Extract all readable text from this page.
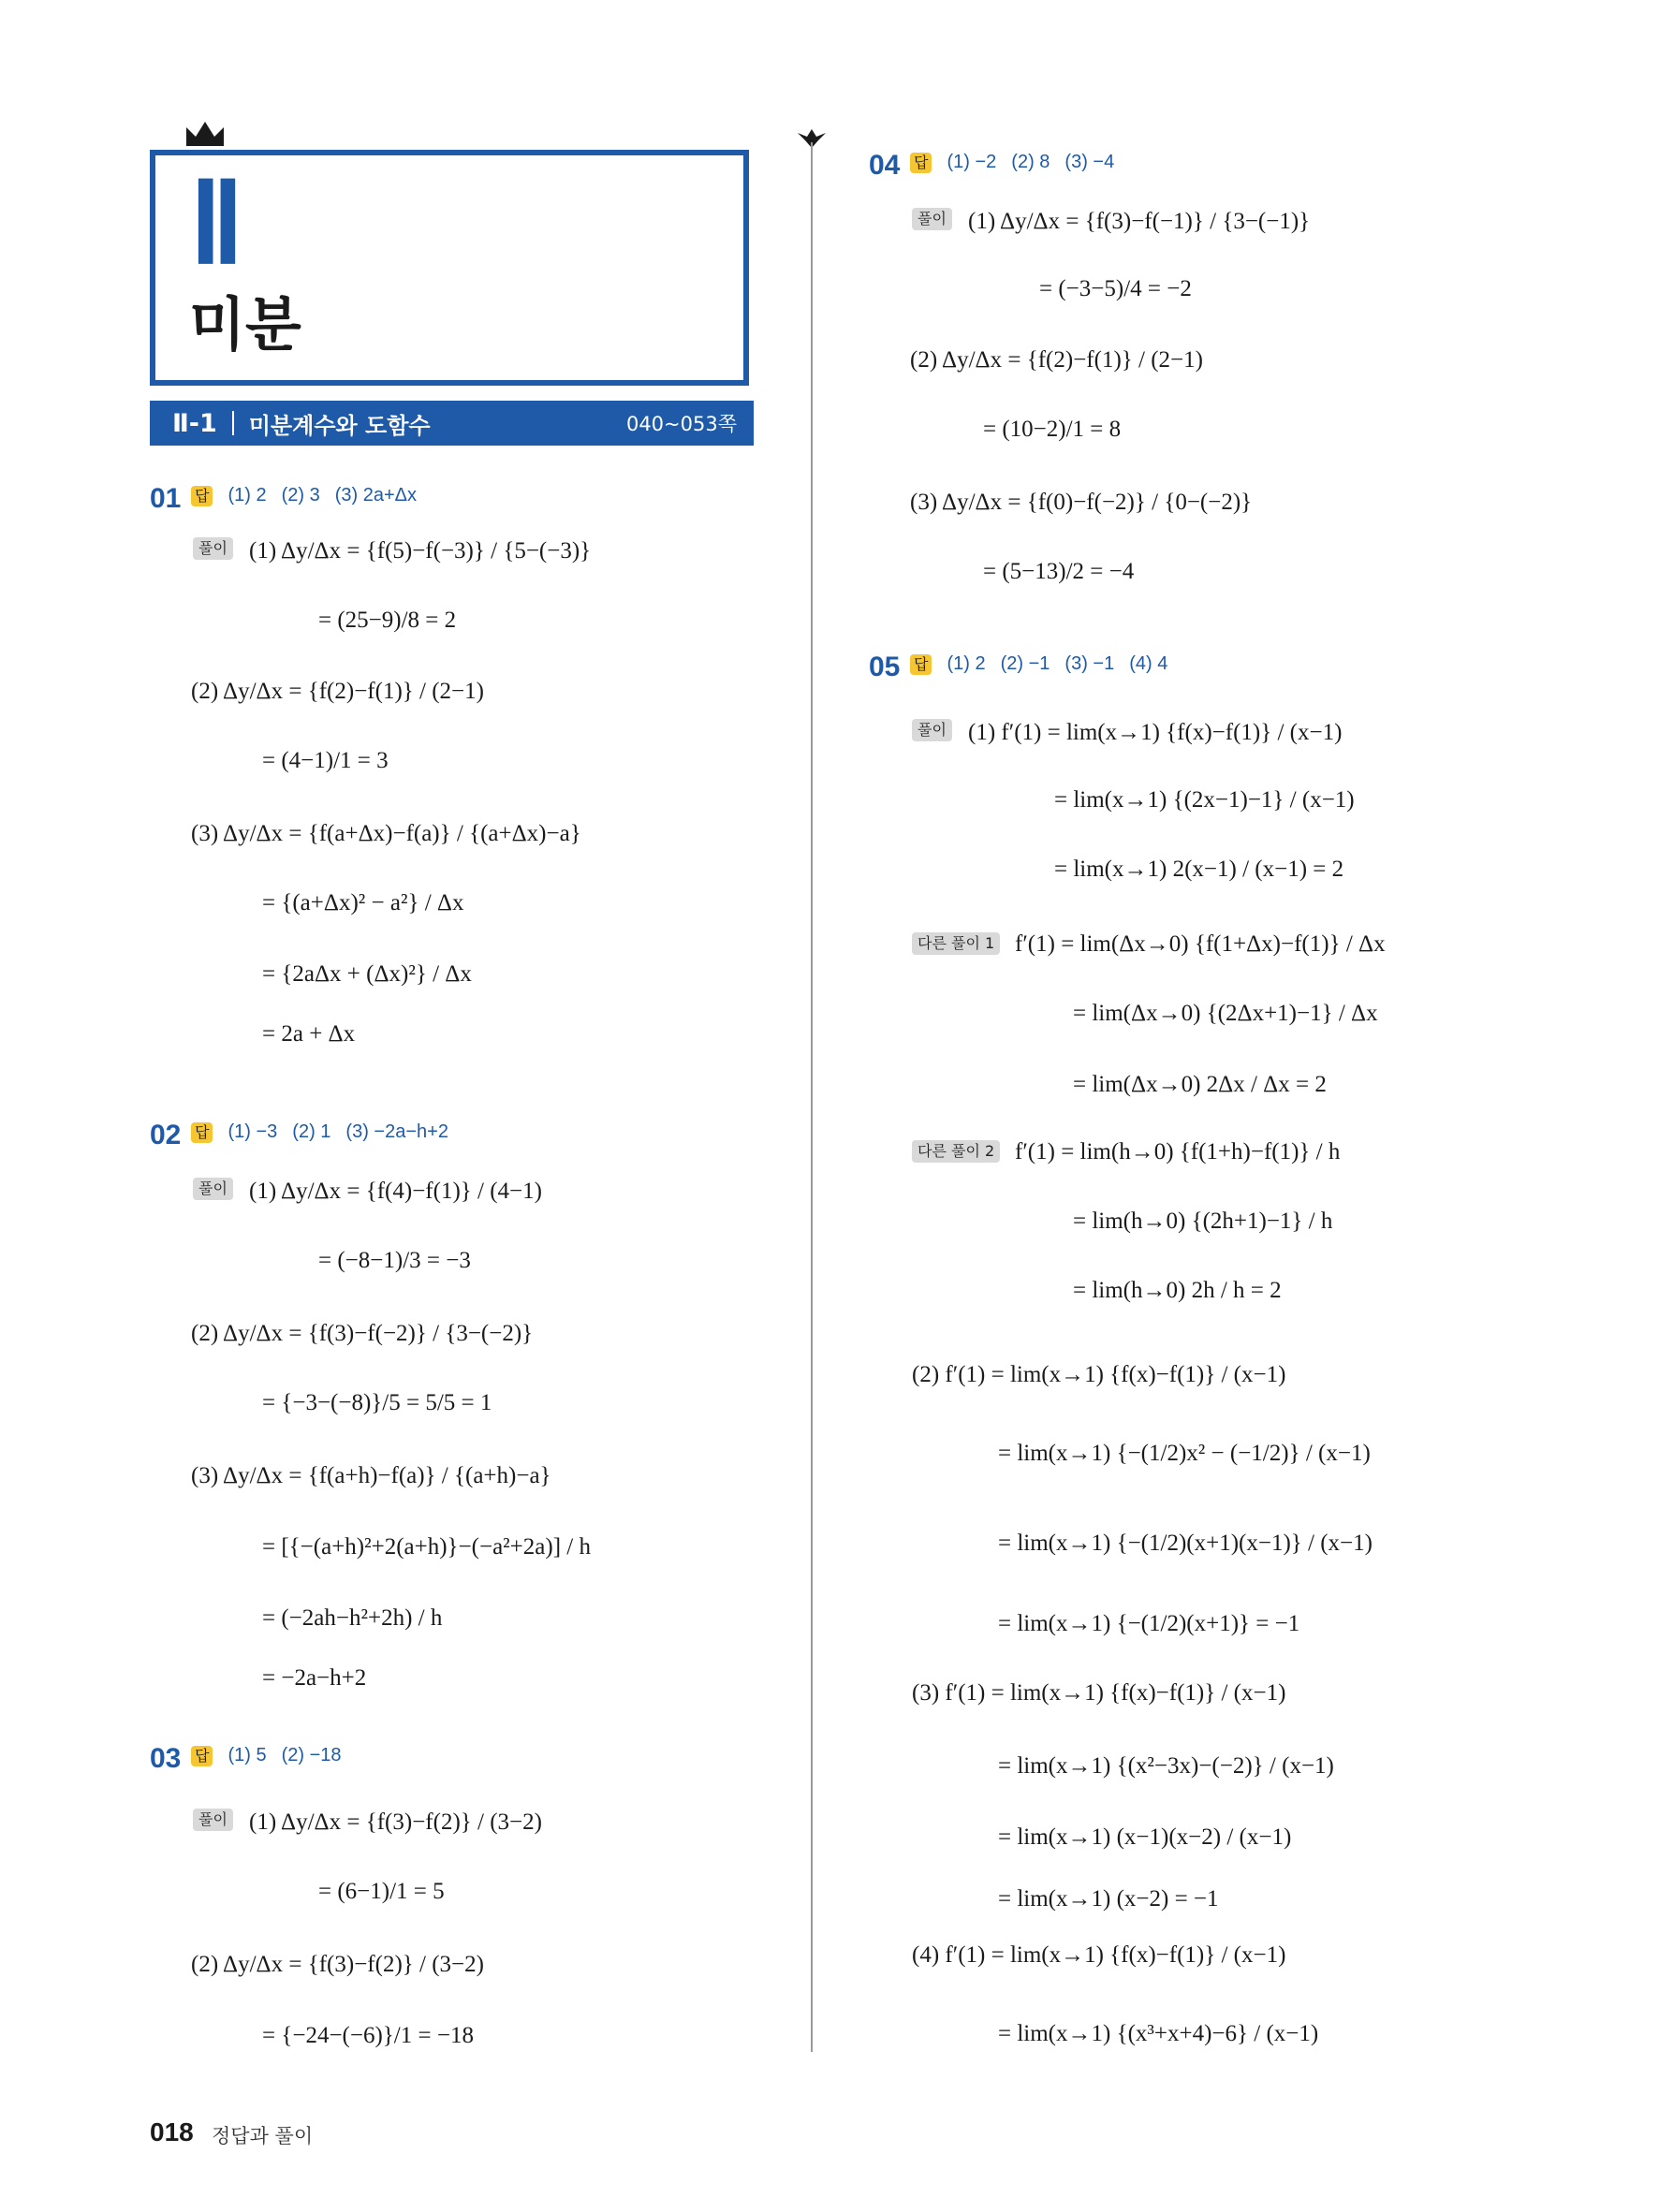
Ⅱ
미분
Ⅱ-1 미분계수와 도함수	040~053쪽
01 답 (1) 2 (2) 3 (3) 2a+Δx
풀이 (1) Δy/Δx = {f(5)−f(−3)} / {5−(−3)}
= (25−9)/8 = 2
(2) Δy/Δx = {f(2)−f(1)} / (2−1)
= (4−1)/1 = 3
(3) Δy/Δx = {f(a+Δx)−f(a)} / {(a+Δx)−a}
= {(a+Δx)² − a²} / Δx
= {2aΔx + (Δx)²} / Δx
= 2a + Δx
02 답 (1) −3 (2) 1 (3) −2a−h+2
풀이 (1) Δy/Δx = {f(4)−f(1)} / (4−1)
= (−8−1)/3 = −3
(2) Δy/Δx = {f(3)−f(−2)} / {3−(−2)}
= {−3−(−8)}/5 = 5/5 = 1
(3) Δy/Δx = {f(a+h)−f(a)} / {(a+h)−a}
= [{−(a+h)²+2(a+h)}−(−a²+2a)] / h
= (−2ah−h²+2h) / h
= −2a−h+2
03 답 (1) 5 (2) −18
풀이 (1) Δy/Δx = {f(3)−f(2)} / (3−2)
= (6−1)/1 = 5
(2) Δy/Δx = {f(3)−f(2)} / (3−2)
= {−24−(−6)}/1 = −18
04 답 (1) −2 (2) 8 (3) −4
풀이 (1) Δy/Δx = {f(3)−f(−1)} / {3−(−1)}
= (−3−5)/4 = −2
(2) Δy/Δx = {f(2)−f(1)} / (2−1)
= (10−2)/1 = 8
(3) Δy/Δx = {f(0)−f(−2)} / {0−(−2)}
= (5−13)/2 = −4
05 답 (1) 2 (2) −1 (3) −1 (4) 4
풀이 (1) f′(1) = lim(x→1) {f(x)−f(1)} / (x−1)
= lim(x→1) {(2x−1)−1} / (x−1)
= lim(x→1) 2(x−1) / (x−1) = 2
다른 풀이 1 f′(1) = lim(Δx→0) {f(1+Δx)−f(1)} / Δx
= lim(Δx→0) {(2Δx+1)−1} / Δx
= lim(Δx→0) 2Δx / Δx = 2
다른 풀이 2 f′(1) = lim(h→0) {f(1+h)−f(1)} / h
= lim(h→0) {(2h+1)−1} / h
= lim(h→0) 2h / h = 2
(2) f′(1) = lim(x→1) {f(x)−f(1)} / (x−1)
= lim(x→1) {−(1/2)x² − (−1/2)} / (x−1)
= lim(x→1) {−(1/2)(x+1)(x−1)} / (x−1)
= lim(x→1) {−(1/2)(x+1)} = −1
(3) f′(1) = lim(x→1) {f(x)−f(1)} / (x−1)
= lim(x→1) {(x²−3x)−(−2)} / (x−1)
= lim(x→1) (x−1)(x−2) / (x−1)
= lim(x→1) (x−2) = −1
(4) f′(1) = lim(x→1) {f(x)−f(1)} / (x−1)
= lim(x→1) {(x³+x+4)−6} / (x−1)
018 정답과 풀이
